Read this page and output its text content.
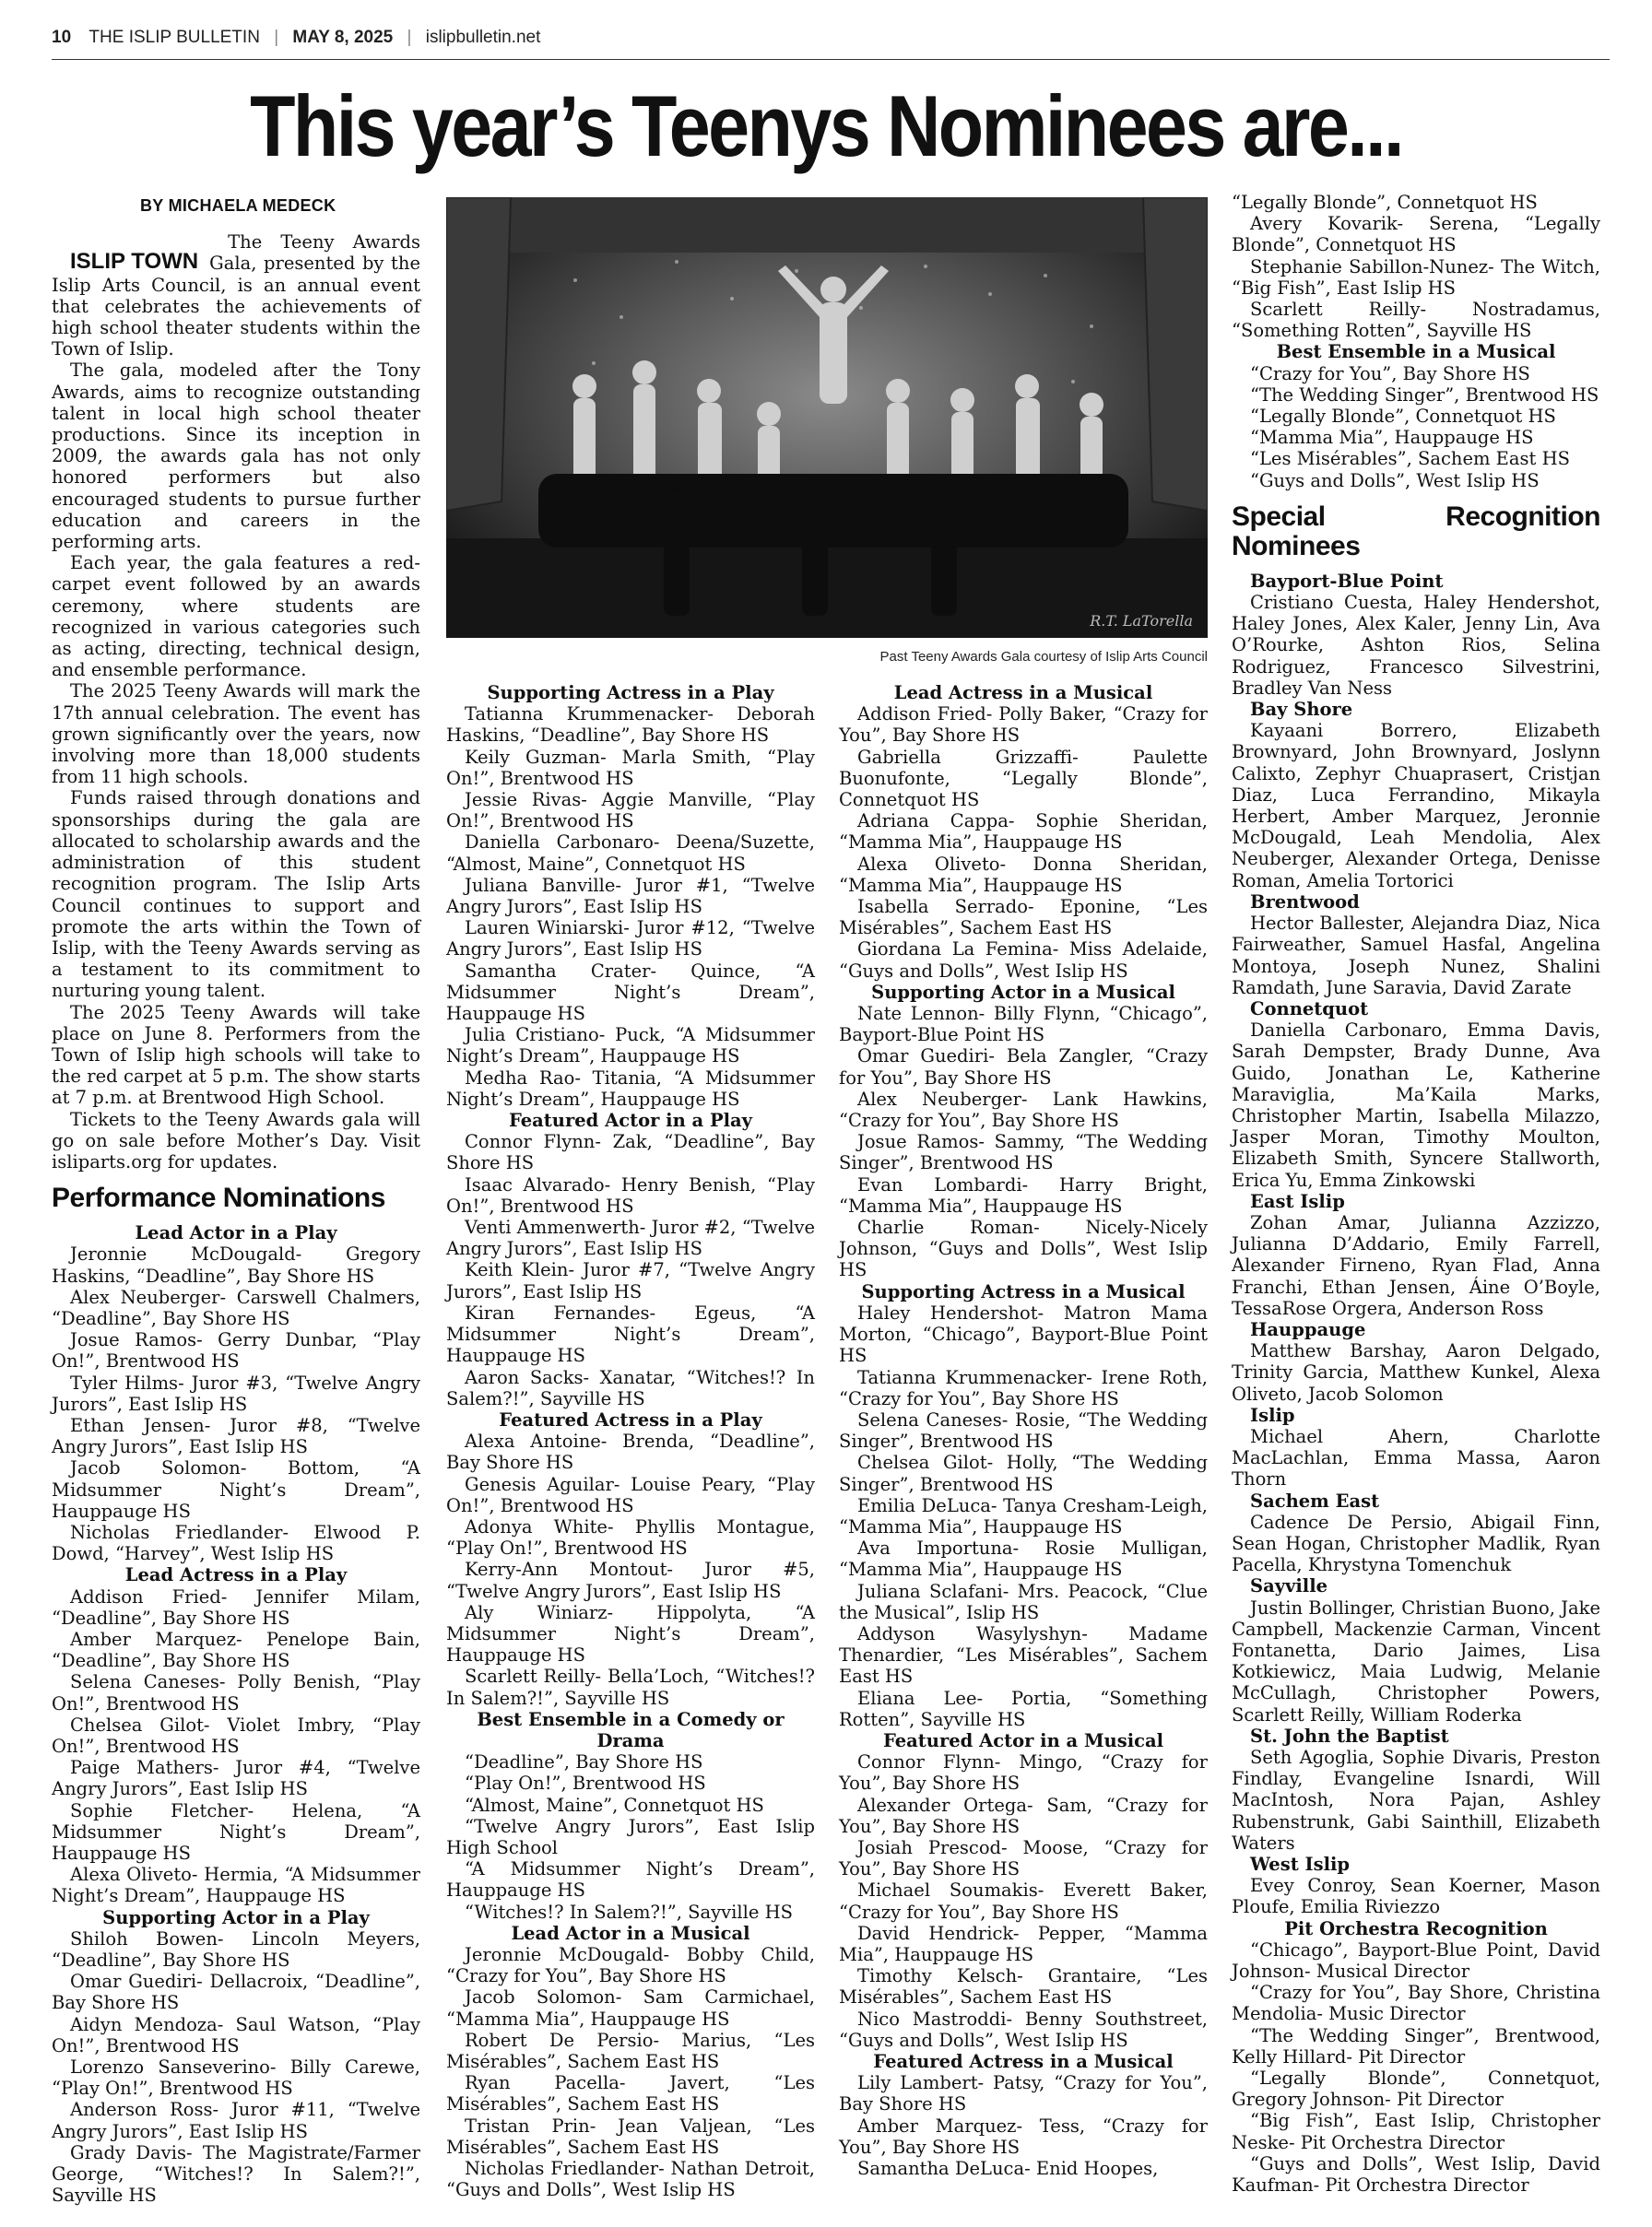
10 THE ISLIP BULLETIN | MAY 8, 2025 | islipbulletin.net
This year’s Teenys Nominees are...
R.T. LaTorella
Past Teeny Awards Gala courtesy of Islip Arts Council
BY MICHAELA MEDECK

ISLIP TOWN
The Teeny Awards Gala, presented by the Islip Arts Council, is an annual event that celebrates the achievements of high school theater students within the Town of Islip.

The gala, modeled after the Tony Awards, aims to recognize outstanding talent in local high school theater productions. Since its inception in 2009, the awards gala has not only honored performers but also encouraged students to pursue further education and careers in the performing arts.

Each year, the gala features a red-carpet event followed by an awards ceremony, where students are recognized in various categories such as acting, directing, technical design, and ensemble performance.

The 2025 Teeny Awards will mark the 17th annual celebration. The event has grown significantly over the years, now involving more than 18,000 students from 11 high schools.

Funds raised through donations and sponsorships during the gala are allocated to scholarship awards and the administration of this student recognition program. The Islip Arts Council continues to support and promote the arts within the Town of Islip, with the Teeny Awards serving as a testament to its commitment to nurturing young talent.

The 2025 Teeny Awards will take place on June 8. Performers from the Town of Islip high schools will take to the red carpet at 5 p.m. The show starts at 7 p.m. at Brentwood High School.

Tickets to the Teeny Awards gala will go on sale before Mother’s Day. Visit isliparts.org for updates.

Performance Nominations
Lead Actor in a Play

Jeronnie McDougald- Gregory Haskins, “Deadline”, Bay Shore HS

Alex Neuberger- Carswell Chalmers, “Deadline”, Bay Shore HS

Josue Ramos- Gerry Dunbar, “Play On!”, Brentwood HS

Tyler Hilms- Juror #3, “Twelve Angry Jurors”, East Islip HS

Ethan Jensen- Juror #8, “Twelve Angry Jurors”, East Islip HS

Jacob Solomon- Bottom, “A Midsummer Night’s Dream”, Hauppauge HS

Nicholas Friedlander- Elwood P. Dowd, “Harvey”, West Islip HS

Lead Actress in a Play

Addison Fried- Jennifer Milam, “Deadline”, Bay Shore HS

Amber Marquez- Penelope Bain, “Deadline”, Bay Shore HS

Selena Caneses- Polly Benish, “Play On!”, Brentwood HS

Chelsea Gilot- Violet Imbry, “Play On!”, Brentwood HS

Paige Mathers- Juror #4, “Twelve Angry Jurors”, East Islip HS

Sophie Fletcher- Helena, “A Midsummer Night’s Dream”, Hauppauge HS

Alexa Oliveto- Hermia, “A Midsummer Night’s Dream”, Hauppauge HS

Supporting Actor in a Play

Shiloh Bowen- Lincoln Meyers, “Deadline”, Bay Shore HS

Omar Guediri- Dellacroix, “Deadline”, Bay Shore HS

Aidyn Mendoza- Saul Watson, “Play On!”, Brentwood HS

Lorenzo Sanseverino- Billy Carewe, “Play On!”, Brentwood HS

Anderson Ross- Juror #11, “Twelve Angry Jurors”, East Islip HS

Grady Davis- The Magistrate/Farmer George, “Witches!? In Salem?!”, Sayville HS

Supporting Actress in a Play

Tatianna Krummenacker- Deborah Haskins, “Deadline”, Bay Shore HS

Keily Guzman- Marla Smith, “Play On!”, Brentwood HS

Jessie Rivas- Aggie Manville, “Play On!”, Brentwood HS

Daniella Carbonaro- Deena/Suzette, “Almost, Maine”, Connetquot HS

Juliana Banville- Juror #1, “Twelve Angry Jurors”, East Islip HS

Lauren Winiarski- Juror #12, “Twelve Angry Jurors”, East Islip HS

Samantha Crater- Quince, “A Midsummer Night’s Dream”, Hauppauge HS

Julia Cristiano- Puck, “A Midsummer Night’s Dream”, Hauppauge HS

Medha Rao- Titania, “A Midsummer Night’s Dream”, Hauppauge HS

Featured Actor in a Play

Connor Flynn- Zak, “Deadline”, Bay Shore HS

Isaac Alvarado- Henry Benish, “Play On!”, Brentwood HS

Venti Ammenwerth- Juror #2, “Twelve Angry Jurors”, East Islip HS

Keith Klein- Juror #7, “Twelve Angry Jurors”, East Islip HS

Kiran Fernandes- Egeus, “A Midsummer Night’s Dream”, Hauppauge HS

Aaron Sacks- Xanatar, “Witches!? In Salem?!”, Sayville HS

Featured Actress in a Play

Alexa Antoine- Brenda, “Deadline”, Bay Shore HS

Genesis Aguilar- Louise Peary, “Play On!”, Brentwood HS

Adonya White- Phyllis Montague, “Play On!”, Brentwood HS

Kerry-Ann Montout- Juror #5, “Twelve Angry Jurors”, East Islip HS

Aly Winiarz- Hippolyta, “A Midsummer Night’s Dream”, Hauppauge HS

Scarlett Reilly- Bella’Loch, “Witches!? In Salem?!”, Sayville HS

Best Ensemble in a Comedy or Drama

“Deadline”, Bay Shore HS

“Play On!”, Brentwood HS

“Almost, Maine”, Connetquot HS

“Twelve Angry Jurors”, East Islip High School

“A Midsummer Night’s Dream”, Hauppauge HS

“Witches!? In Salem?!”, Sayville HS

Lead Actor in a Musical

Jeronnie McDougald- Bobby Child, “Crazy for You”, Bay Shore HS

Jacob Solomon- Sam Carmichael, “Mamma Mia”, Hauppauge HS

Robert De Persio- Marius, “Les Misérables”, Sachem East HS

Ryan Pacella- Javert, “Les Misérables”, Sachem East HS

Tristan Prin- Jean Valjean, “Les Misérables”, Sachem East HS

Nicholas Friedlander- Nathan Detroit, “Guys and Dolls”, West Islip HS

Lead Actress in a Musical

Addison Fried- Polly Baker, “Crazy for You”, Bay Shore HS

Gabriella Grizzaffi- Paulette Buonufonte, “Legally Blonde”, Connetquot HS

Adriana Cappa- Sophie Sheridan, “Mamma Mia”, Hauppauge HS

Alexa Oliveto- Donna Sheridan, “Mamma Mia”, Hauppauge HS

Isabella Serrado- Eponine, “Les Misérables”, Sachem East HS

Giordana La Femina- Miss Adelaide, “Guys and Dolls”, West Islip HS

Supporting Actor in a Musical

Nate Lennon- Billy Flynn, “Chicago”, Bayport-Blue Point HS

Omar Guediri- Bela Zangler, “Crazy for You”, Bay Shore HS

Alex Neuberger- Lank Hawkins, “Crazy for You”, Bay Shore HS

Josue Ramos- Sammy, “The Wedding Singer”, Brentwood HS

Evan Lombardi- Harry Bright, “Mamma Mia”, Hauppauge HS

Charlie Roman- Nicely-Nicely Johnson, “Guys and Dolls”, West Islip HS

Supporting Actress in a Musical

Haley Hendershot- Matron Mama Morton, “Chicago”, Bayport-Blue Point HS

Tatianna Krummenacker- Irene Roth, “Crazy for You”, Bay Shore HS

Selena Caneses- Rosie, “The Wedding Singer”, Brentwood HS

Chelsea Gilot- Holly, “The Wedding Singer”, Brentwood HS

Emilia DeLuca- Tanya Cresham-Leigh, “Mamma Mia”, Hauppauge HS

Ava Importuna- Rosie Mulligan, “Mamma Mia”, Hauppauge HS

Juliana Sclafani- Mrs. Peacock, “Clue the Musical”, Islip HS

Addyson Wasylyshyn- Madame Thenardier, “Les Misérables”, Sachem East HS

Eliana Lee- Portia, “Something Rotten”, Sayville HS

Featured Actor in a Musical

Connor Flynn- Mingo, “Crazy for You”, Bay Shore HS

Alexander Ortega- Sam, “Crazy for You”, Bay Shore HS

Josiah Prescod- Moose, “Crazy for You”, Bay Shore HS

Michael Soumakis- Everett Baker, “Crazy for You”, Bay Shore HS

David Hendrick- Pepper, “Mamma Mia”, Hauppauge HS

Timothy Kelsch- Grantaire, “Les Misérables”, Sachem East HS

Nico Mastroddi- Benny Southstreet, “Guys and Dolls”, West Islip HS

Featured Actress in a Musical

Lily Lambert- Patsy, “Crazy for You”, Bay Shore HS

Amber Marquez- Tess, “Crazy for You”, Bay Shore HS

Samantha DeLuca- Enid Hoopes,

“Legally Blonde”, Connetquot HS

Avery Kovarik- Serena, “Legally Blonde”, Connetquot HS

Stephanie Sabillon-Nunez- The Witch, “Big Fish”, East Islip HS

Scarlett Reilly- Nostradamus, “Something Rotten”, Sayville HS

Best Ensemble in a Musical

“Crazy for You”, Bay Shore HS

“The Wedding Singer”, Brentwood HS

“Legally Blonde”, Connetquot HS

“Mamma Mia”, Hauppauge HS

“Les Misérables”, Sachem East HS

“Guys and Dolls”, West Islip HS

Special Recognition Nominees
Bayport-Blue Point

Cristiano Cuesta, Haley Hendershot, Haley Jones, Alex Kaler, Jenny Lin, Ava O’Rourke, Ashton Rios, Selina Rodriguez, Francesco Silvestrini, Bradley Van Ness

Bay Shore

Kayaani Borrero, Elizabeth Brownyard, John Brownyard, Joslynn Calixto, Zephyr Chuaprasert, Cristjan Diaz, Luca Ferrandino, Mikayla Herbert, Amber Marquez, Jeronnie McDougald, Leah Mendolia, Alex Neuberger, Alexander Ortega, Denisse Roman, Amelia Tortorici

Brentwood

Hector Ballester, Alejandra Diaz, Nica Fairweather, Samuel Hasfal, Angelina Montoya, Joseph Nunez, Shalini Ramdath, June Saravia, David Zarate

Connetquot

Daniella Carbonaro, Emma Davis, Sarah Dempster, Brady Dunne, Ava Guido, Jonathan Le, Katherine Maraviglia, Ma’Kaila Marks, Christopher Martin, Isabella Milazzo, Jasper Moran, Timothy Moulton, Elizabeth Smith, Syncere Stallworth, Erica Yu, Emma Zinkowski

East Islip

Zohan Amar, Julianna Azzizzo, Julianna D’Addario, Emily Farrell, Alexander Firneno, Ryan Flad, Anna Franchi, Ethan Jensen, Áine O’Boyle, TessaRose Orgera, Anderson Ross

Hauppauge

Matthew Barshay, Aaron Delgado, Trinity Garcia, Matthew Kunkel, Alexa Oliveto, Jacob Solomon

Islip

Michael Ahern, Charlotte MacLachlan, Emma Massa, Aaron Thorn

Sachem East

Cadence De Persio, Abigail Finn, Sean Hogan, Christopher Madlik, Ryan Pacella, Khrystyna Tomenchuk

Sayville

Justin Bollinger, Christian Buono, Jake Campbell, Mackenzie Carman, Vincent Fontanetta, Dario Jaimes, Lisa Kotkiewicz, Maia Ludwig, Melanie McCullagh, Christopher Powers, Scarlett Reilly, William Roderka

St. John the Baptist

Seth Agoglia, Sophie Divaris, Preston Findlay, Evangeline Isnardi, Will MacIntosh, Nora Pajan, Ashley Rubenstrunk, Gabi Sainthill, Elizabeth Waters

West Islip

Evey Conroy, Sean Koerner, Mason Ploufe, Emilia Riviezzo

Pit Orchestra Recognition

“Chicago”, Bayport-Blue Point, David Johnson- Musical Director

“Crazy for You”, Bay Shore, Christina Mendolia- Music Director

“The Wedding Singer”, Brentwood, Kelly Hillard- Pit Director

“Legally Blonde”, Connetquot, Gregory Johnson- Pit Director

“Big Fish”, East Islip, Christopher Neske- Pit Orchestra Director

“Guys and Dolls”, West Islip, David Kaufman- Pit Orchestra Director
